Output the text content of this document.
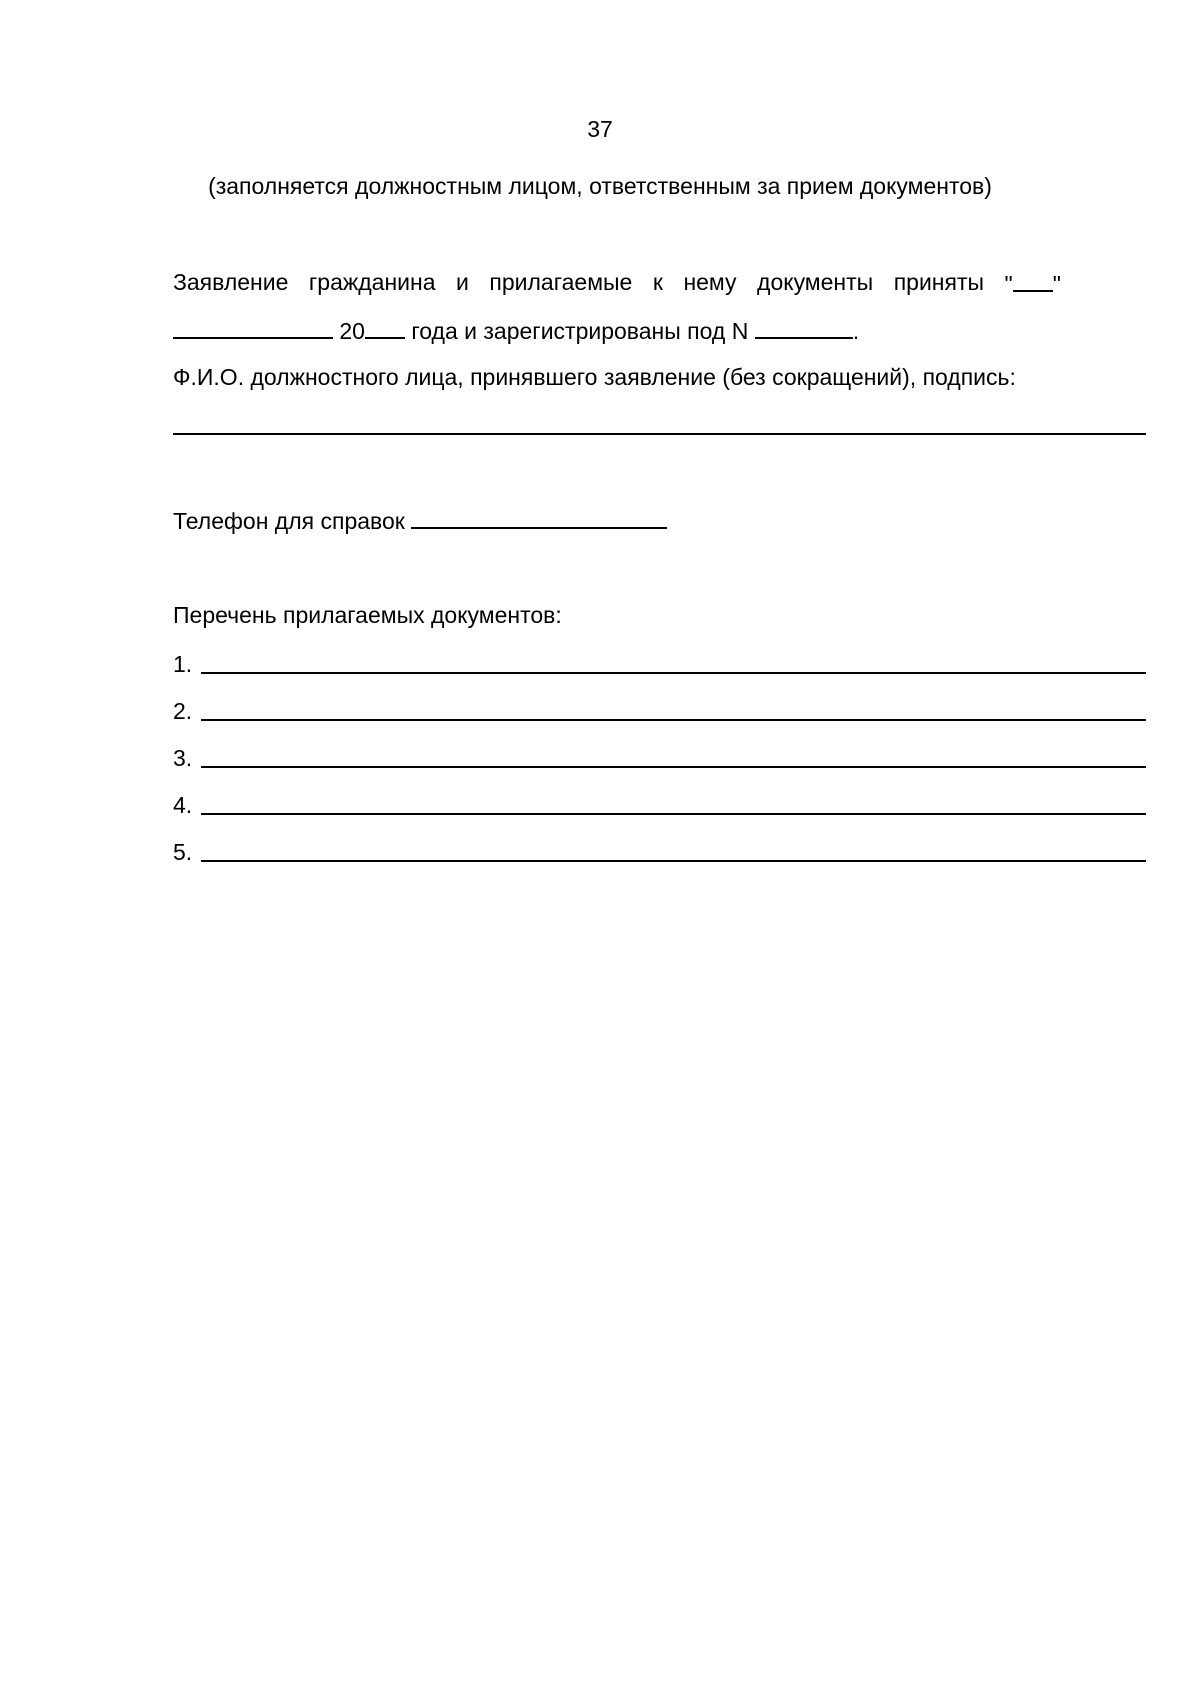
37
(заполняется должностным лицом, ответственным за прием документов)
Заявление гражданина и прилагаемые к нему документы приняты " "
20 года и зарегистрированы под N	.
Ф.И.О. должностного лица, принявшего заявление (без сокращений), подпись:
Телефон для справок
Перечень прилагаемых документов:
1.
2.
3.
4.
5.
